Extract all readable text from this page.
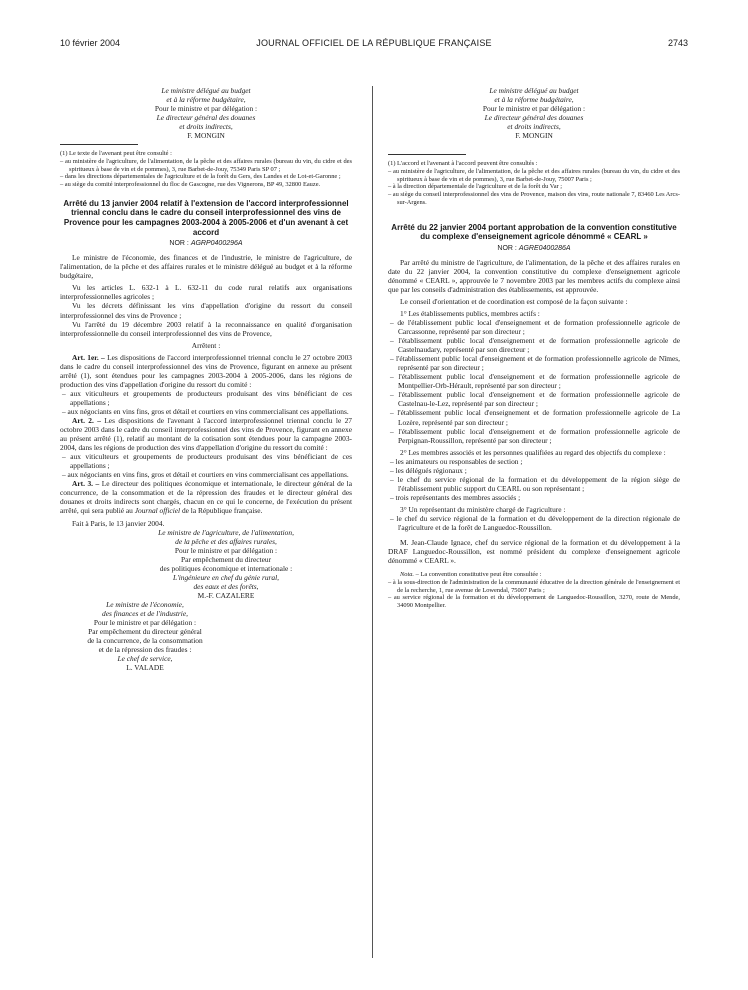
10 février 2004	JOURNAL OFFICIEL DE LA RÉPUBLIQUE FRANÇAISE	2743

Le ministre délégué au budget

et à la réforme budgétaire,

Pour le ministre et par délégation :

Le directeur général des douanes

et droits indirects,

F. MONGIN

(1) Le texte de l'avenant peut être consulté :

– au ministère de l'agriculture, de l'alimentation, de la pêche et des affaires rurales (bureau du vin, du cidre et des spiritueux à base de vin et de pommes), 3, rue Barbet-de-Jouy, 75349 Paris SP 07 ;

– dans les directions départementales de l'agriculture et de la forêt du Gers, des Landes et de Lot-et-Garonne ;

– au siège du comité interprofessionnel du floc de Gascogne, rue des Vignerons, BP 49, 32800 Eauze.

Arrêté du 13 janvier 2004 relatif à l'extension de l'accord interprofessionnel triennal conclu dans le cadre du conseil interprofessionnel des vins de Provence pour les campagnes 2003-2004 à 2005-2006 et d'un avenant à cet accord

NOR : AGRP0400296A

Le ministre de l'économie, des finances et de l'industrie, le ministre de l'agriculture, de l'alimentation, de la pêche et des affaires rurales et le ministre délégué au budget et à la réforme budgétaire,

Vu les articles L. 632-1 à L. 632-11 du code rural relatifs aux organisations interprofessionnelles agricoles ;

Vu les décrets définissant les vins d'appellation d'origine du ressort du conseil interprofessionnel des vins de Provence ;

Vu l'arrêté du 19 décembre 2003 relatif à la reconnaissance en qualité d'organisation interprofessionnelle du conseil interprofessionnel des vins de Provence,

Arrêtent :

Art. 1er. – Les dispositions de l'accord interprofessionnel triennal conclu le 27 octobre 2003 dans le cadre du conseil interprofessionnel des vins de Provence, figurant en annexe au présent arrêté (1), sont étendues pour les campagnes 2003-2004 à 2005-2006, dans les régions de production des vins d'appellation d'origine du ressort du comité :

– aux viticulteurs et groupements de producteurs produisant des vins bénéficiant de ces appellations ;

– aux négociants en vins fins, gros et détail et courtiers en vins commercialisant ces appellations.

Art. 2. – Les dispositions de l'avenant à l'accord interprofessionnel triennal conclu le 27 octobre 2003 dans le cadre du conseil interprofessionnel des vins de Provence, figurant en annexe au présent arrêté (1), relatif au montant de la cotisation sont étendues pour la campagne 2003-2004, dans les régions de production des vins d'appellation d'origine du ressort du comité :

– aux viticulteurs et groupements de producteurs produisant des vins bénéficiant de ces appellations ;

– aux négociants en vins fins, gros et détail et courtiers en vins commercialisant ces appellations.

Art. 3. – Le directeur des politiques économique et internationale, le directeur général de la concurrence, de la consommation et de la répression des fraudes et le directeur général des douanes et droits indirects sont chargés, chacun en ce qui le concerne, de l'exécution du présent arrêté, qui sera publié au Journal officiel de la République française.

Fait à Paris, le 13 janvier 2004.

Le ministre de l'agriculture, de l'alimentation,

de la pêche et des affaires rurales,

Pour le ministre et par délégation :

Par empêchement du directeur

des politiques économique et internationale :

L'ingénieure en chef du génie rural,

des eaux et des forêts,

M.-F. CAZALERE

Le ministre de l'économie,

des finances et de l'industrie,

Pour le ministre et par délégation :

Par empêchement du directeur général

de la concurrence, de la consommation

et de la répression des fraudes :

Le chef de service,

L. VALADE

Le ministre délégué au budget

et à la réforme budgétaire,

Pour le ministre et par délégation :

Le directeur général des douanes

et droits indirects,

F. MONGIN

(1) L'accord et l'avenant à l'accord peuvent être consultés :

– au ministère de l'agriculture, de l'alimentation, de la pêche et des affaires rurales (bureau du vin, du cidre et des spiritueux à base de vin et de pommes), 3, rue Barbet-de-Jouy, 75007 Paris ;

– à la direction départementale de l'agriculture et de la forêt du Var ;

– au siège du conseil interprofessionnel des vins de Provence, maison des vins, route nationale 7, 83460 Les Arcs-sur-Argens.

Arrêté du 22 janvier 2004 portant approbation de la convention constitutive du complexe d'enseignement agricole dénommé « CEARL »

NOR : AGRE0400286A

Par arrêté du ministre de l'agriculture, de l'alimentation, de la pêche et des affaires rurales en date du 22 janvier 2004, la convention constitutive du complexe d'enseignement agricole dénommé « CEARL », approuvée le 7 novembre 2003 par les membres actifs du complexe ainsi que par les conseils d'administration des établissements, est approuvée.

Le conseil d'orientation et de coordination est composé de la façon suivante :

1° Les établissements publics, membres actifs :

– de l'établissement public local d'enseignement et de formation professionnelle agricole de Carcassonne, représenté par son directeur ;

– l'établissement public local d'enseignement et de formation professionnelle agricole de Castelnaudary, représenté par son directeur ;

– l'établissement public local d'enseignement et de formation professionnelle agricole de Nîmes, représenté par son directeur ;

– l'établissement public local d'enseignement et de formation professionnelle agricole de Montpellier-Orb-Hérault, représenté par son directeur ;

– l'établissement public local d'enseignement et de formation professionnelle agricole de Castelnau-le-Lez, représenté par son directeur ;

– l'établissement public local d'enseignement et de formation professionnelle agricole de La Lozère, représenté par son directeur ;

– l'établissement public local d'enseignement et de formation professionnelle agricole de Perpignan-Roussillon, représenté par son directeur ;

2° Les membres associés et les personnes qualifiées au regard des objectifs du complexe :

– les animateurs ou responsables de section ;

– les délégués régionaux ;

– le chef du service régional de la formation et du développement de la région siège de l'établissement public support du CEARL ou son représentant ;

– trois représentants des membres associés ;

3° Un représentant du ministère chargé de l'agriculture :

– le chef du service régional de la formation et du développement de la direction régionale de l'agriculture et de la forêt de Languedoc-Roussillon.

M. Jean-Claude Ignace, chef du service régional de la formation et du développement à la DRAF Languedoc-Roussillon, est nommé président du complexe d'enseignement agricole dénommé « CEARL ».

Nota. – La convention constitutive peut être consultée :

– à la sous-direction de l'administration de la communauté éducative de la direction générale de l'enseignement et de la recherche, 1, rue avenue de Lowendal, 75007 Paris ;

– au service régional de la formation et du développement de Languedoc-Roussillon, 3270, route de Mende, 34090 Montpellier.
